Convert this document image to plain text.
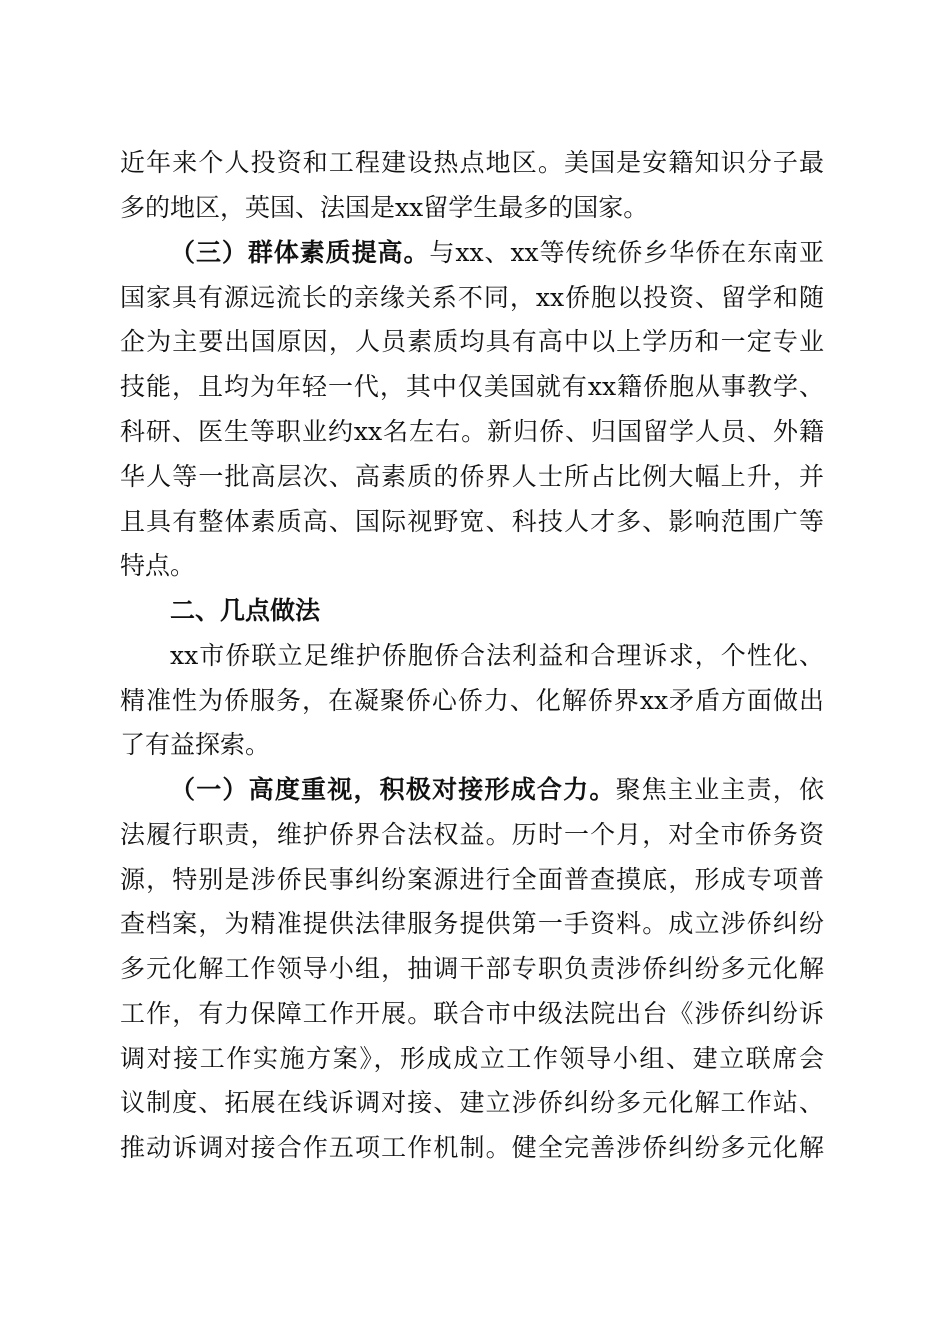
近年来个人投资和工程建设热点地区。美国是安籍知识分子最
多的地区，英国、法国是xx留学生最多的国家。
（三）群体素质提高。与xx、xx等传统侨乡华侨在东南亚
国家具有源远流长的亲缘关系不同，xx侨胞以投资、留学和随
企为主要出国原因，人员素质均具有高中以上学历和一定专业
技能，且均为年轻一代，其中仅美国就有xx籍侨胞从事教学、
科研、医生等职业约xx名左右。新归侨、归国留学人员、外籍
华人等一批高层次、高素质的侨界人士所占比例大幅上升，并
且具有整体素质高、国际视野宽、科技人才多、影响范围广等
特点。
二、几点做法
xx市侨联立足维护侨胞侨合法利益和合理诉求，个性化、
精准性为侨服务，在凝聚侨心侨力、化解侨界xx矛盾方面做出
了有益探索。
（一）高度重视，积极对接形成合力。聚焦主业主责，依
法履行职责，维护侨界合法权益。历时一个月，对全市侨务资
源，特别是涉侨民事纠纷案源进行全面普查摸底，形成专项普
查档案，为精准提供法律服务提供第一手资料。成立涉侨纠纷
多元化解工作领导小组，抽调干部专职负责涉侨纠纷多元化解
工作，有力保障工作开展。联合市中级法院出台《涉侨纠纷诉
调对接工作实施方案》，形成成立工作领导小组、建立联席会
议制度、拓展在线诉调对接、建立涉侨纠纷多元化解工作站、
推动诉调对接合作五项工作机制。健全完善涉侨纠纷多元化解
